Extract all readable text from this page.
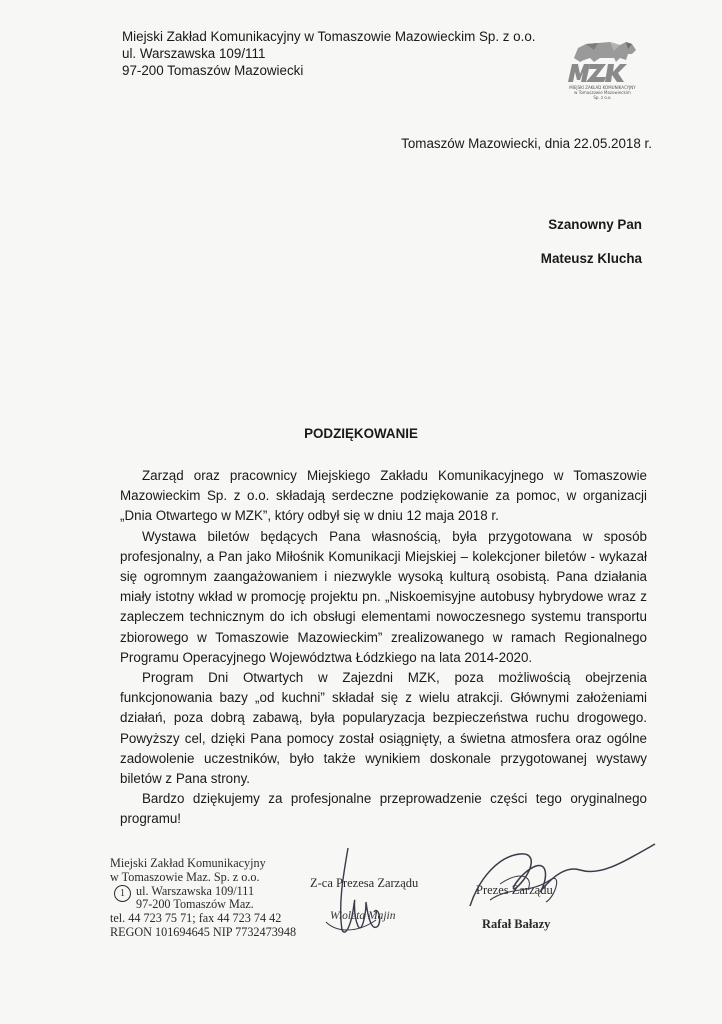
Miejski Zakład Komunikacyjny w Tomaszowie Mazowieckim Sp. z o.o.
ul. Warszawska 109/111
97-200 Tomaszów Mazowiecki
MIEJSKI ZAKŁAD KOMUNIKACYJNY
w Tomaszowie Mazowieckim
Sp. z o.o.
Tomaszów Mazowiecki, dnia 22.05.2018 r.
Szanowny Pan
Mateusz Klucha
PODZIĘKOWANIE

Zarząd oraz pracownicy Miejskiego Zakładu Komunikacyjnego w Tomaszowie Mazowieckim Sp. z o.o. składają serdeczne podziękowanie za pomoc, w organizacji „Dnia Otwartego w MZK”, który odbył się w dniu 12 maja 2018 r.

Wystawa biletów będących Pana własnością, była przygotowana w sposób profesjonalny, a Pan jako Miłośnik Komunikacji Miejskiej – kolekcjoner biletów - wykazał się ogromnym zaangażowaniem i niezwykle wysoką kulturą osobistą. Pana działania miały istotny wkład w promocję projektu pn. „Niskoemisyjne autobusy hybrydowe wraz z zapleczem technicznym do ich obsługi elementami nowoczesnego systemu transportu zbiorowego w Tomaszowie Mazowieckim” zrealizowanego w ramach Regionalnego Programu Operacyjnego Województwa Łódzkiego na lata 2014-2020.

Program Dni Otwartych w Zajezdni MZK, poza możliwością obejrzenia funkcjonowania bazy „od kuchni” składał się z wielu atrakcji. Głównymi założeniami działań, poza dobrą zabawą, była popularyzacja bezpieczeństwa ruchu drogowego. Powyższy cel, dzięki Pana pomocy został osiągnięty, a świetna atmosfera oraz ogólne zadowolenie uczestników, było także wynikiem doskonale przygotowanej wystawy biletów z Pana strony.

Bardzo dziękujemy za profesjonalne przeprowadzenie części tego oryginalnego programu!

Miejski Zakład Komunikacyjny
w Tomaszowie Maz. Sp. z o.o.
ul. Warszawska 109/111
97-200 Tomaszów Maz.
tel. 44 723 75 71; fax 44 723 74 42
REGON 101694645 NIP 7732473948
1
Z-ca Prezesa Zarządu
Wioleta Majin
Prezes Zarządu
Rafał Bałazy
